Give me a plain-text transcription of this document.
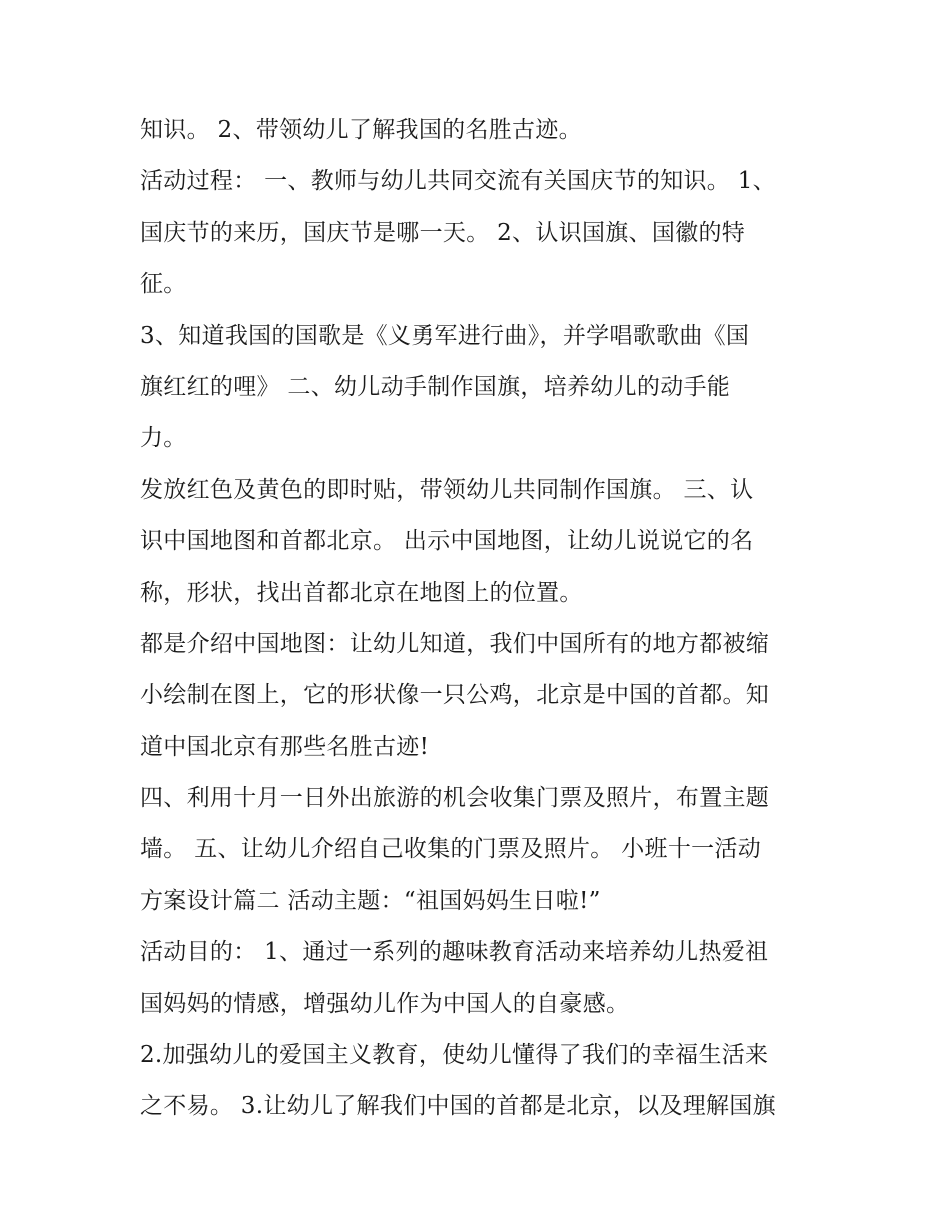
知识。 2、带领幼儿了解我国的名胜古迹。
活动过程： 一、教师与幼儿共同交流有关国庆节的知识。 1、
国庆节的来历，国庆节是哪一天。 2、认识国旗、国徽的特
征。
3、知道我国的国歌是《义勇军进行曲》，并学唱歌歌曲《国
旗红红的哩》 二、幼儿动手制作国旗，培养幼儿的动手能
力。
发放红色及黄色的即时贴，带领幼儿共同制作国旗。 三、认
识中国地图和首都北京。 出示中国地图，让幼儿说说它的名
称，形状，找出首都北京在地图上的位置。
都是介绍中国地图：让幼儿知道，我们中国所有的地方都被缩
小绘制在图上，它的形状像一只公鸡，北京是中国的首都。知
道中国北京有那些名胜古迹!
四、利用十月一日外出旅游的机会收集门票及照片，布置主题
墙。 五、让幼儿介绍自己收集的门票及照片。 小班十一活动
方案设计篇二 活动主题：“祖国妈妈生日啦!”
活动目的： 1、通过一系列的趣味教育活动来培养幼儿热爱祖
国妈妈的情感，增强幼儿作为中国人的自豪感。
2.加强幼儿的爱国主义教育，使幼儿懂得了我们的幸福生活来
之不易。 3.让幼儿了解我们中国的首都是北京，以及理解国旗
